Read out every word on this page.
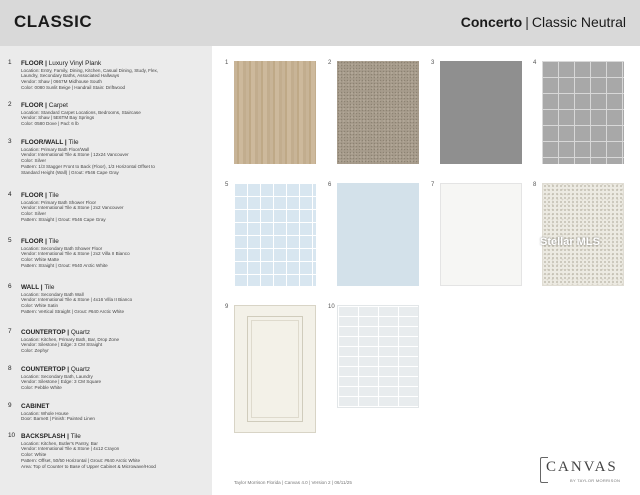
CLASSIC	Concerto | Classic Neutral
1 FLOOR | Luxury Vinyl Plank
Location: Entry, Family, Dining, Kitchen, Casual Dining, Study, Flex,
Laundry, Secondary Baths, Associated Hallways
Vendor: Shaw | 0667M Midhouse South
Color: 0080 Sunlit Beige | Handrail Stain: Driftwood
2 FLOOR | Carpet
Location: Standard Carpet Locations, Bedrooms, Staircase
Vendor: Shaw | 5E6TM Bay Springs
Color: 0580 Dove | Pad: 6 lb
3 FLOOR/WALL | Tile
Location: Primary Bath Floor/Wall
Vendor: International Tile & Stone | 12x24 Vancouver
Color: Silver
Pattern: 1/3 Stagger Front to Back (Floor), 1/3 Horizontal Offset to
Standard Height (Wall) | Grout: #546 Cape Gray
4 FLOOR | Tile
Location: Primary Bath Shower Floor
Vendor: International Tile & Stone | 2x2 Vancouver
Color: Silver
Pattern: Straight | Grout: #546 Cape Gray
5 FLOOR | Tile
Location: Secondary Bath Shower Floor
Vendor: International Tile & Stone | 2x2 Villa II Bianco
Color: White Matte
Pattern: Straight | Grout: #640 Arctic White
6 WALL | Tile
Location: Secondary Bath Wall
Vendor: International Tile & Stone | 4x16 Villa II Bianco
Color: White Satin
Pattern: Vertical Straight | Grout: #640 Arctic White
7 COUNTERTOP | Quartz
Location: Kitchen, Primary Bath, Bar, Drop Zone
Vendor: Silestone | Edge: 3 CM Straight
Color: Zephyr
8 COUNTERTOP | Quartz
Location: Secondary Bath, Laundry
Vendor: Silestone | Edge: 3 CM Square
Color: Pebble White
9 CABINET
Location: Whole House
Door: Barnett | Finish: Painted Linen
10 BACKSPLASH | Tile
Location: Kitchen, Butler's Pantry, Bar
Vendor: International Tile & Stone | 4x12 Crayon
Color: White
Pattern: Offset, 50/50 Horizontal | Grout: #640 Arctic White
Area: Top of Counter to Base of Upper Cabinet & Microwave/Hood
1	2	3	4
5	6	7	8
9	10
Stellar MLS
Taylor Morrison Florida | Canvas 4.0 | Version 2 | 06/11/25
CANVAS
BY TAYLOR MORRISON
